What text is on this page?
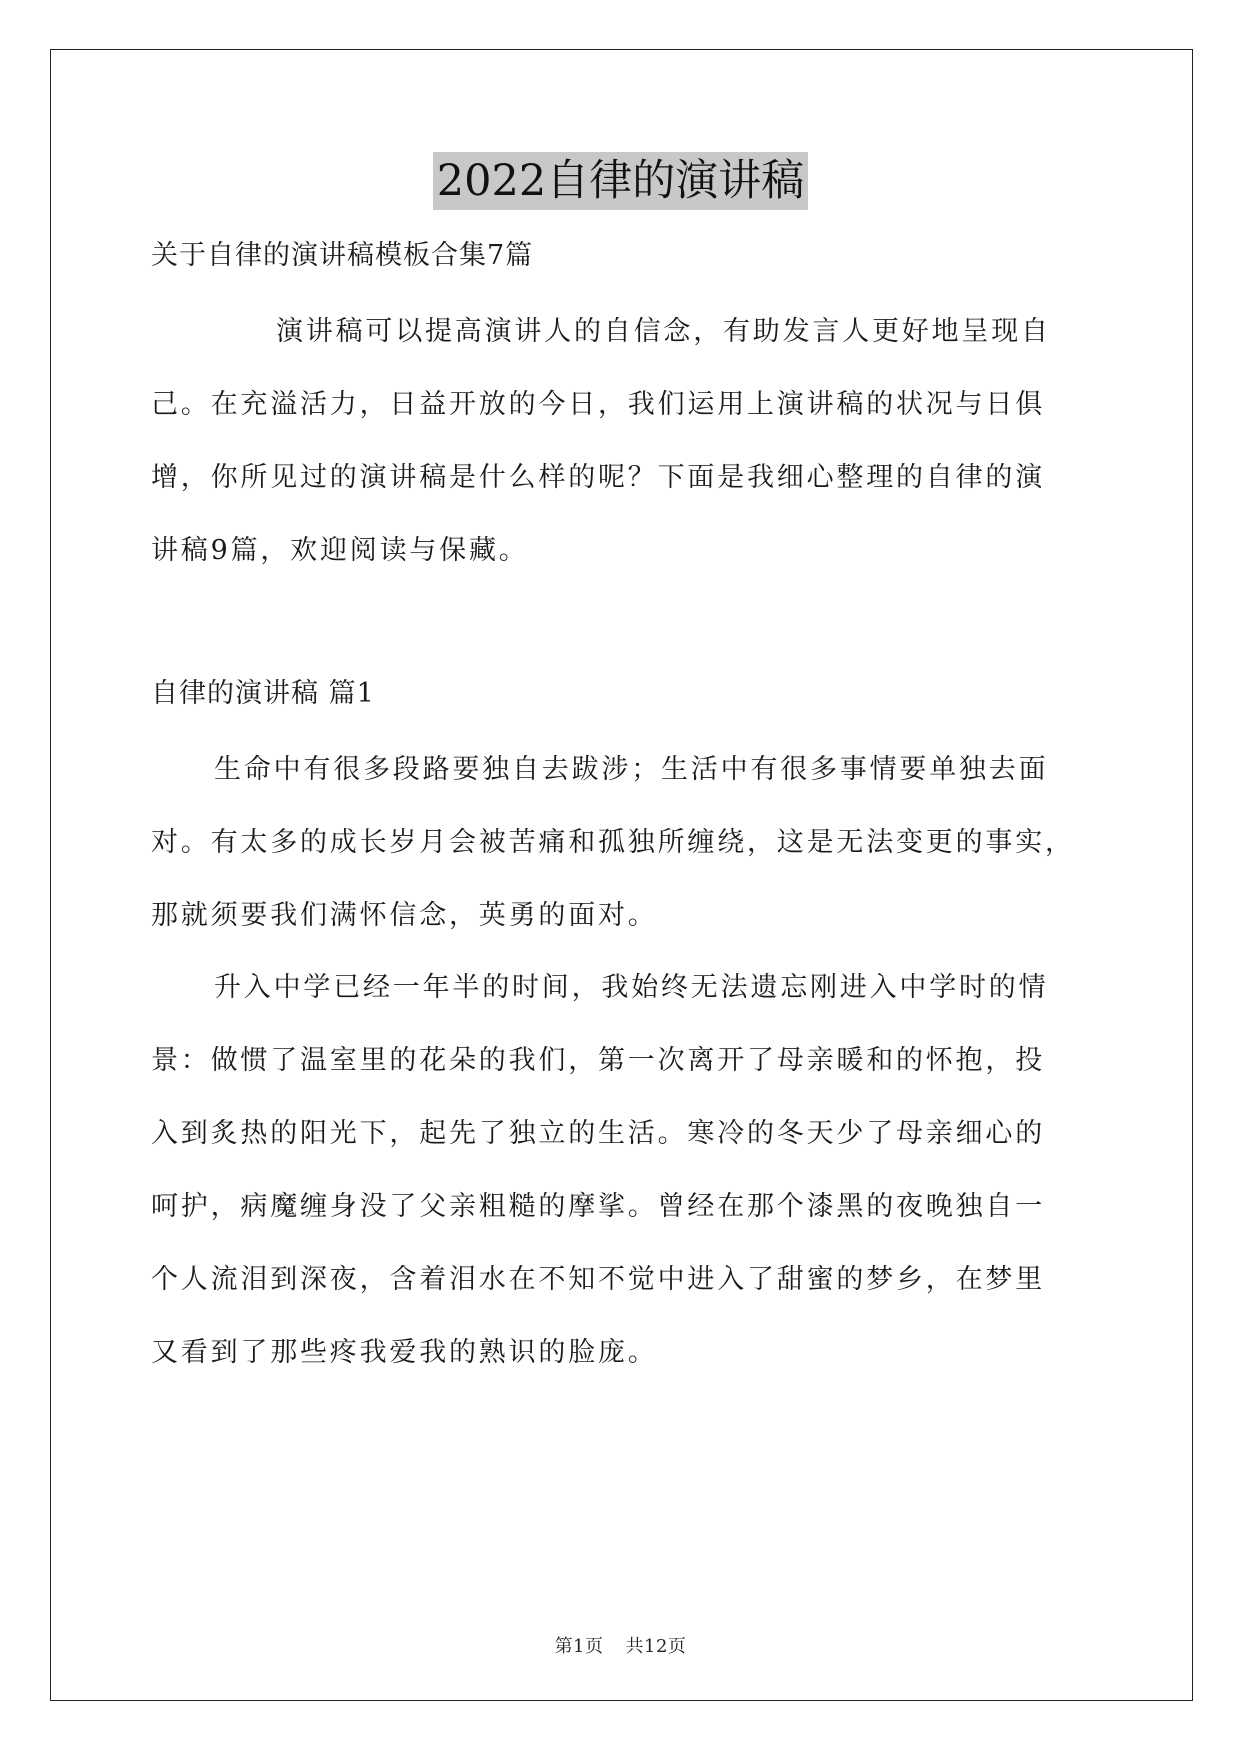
2022自律的演讲稿
关于自律的演讲稿模板合集7篇
演讲稿可以提高演讲人的自信念，有助发言人更好地呈现自
己。在充溢活力，日益开放的今日，我们运用上演讲稿的状况与日俱
增，你所见过的演讲稿是什么样的呢？下面是我细心整理的自律的演
讲稿9篇，欢迎阅读与保藏。
自律的演讲稿 篇1
生命中有很多段路要独自去跋涉；生活中有很多事情要单独去面
对。有太多的成长岁月会被苦痛和孤独所缠绕，这是无法变更的事实，
那就须要我们满怀信念，英勇的面对。
升入中学已经一年半的时间，我始终无法遗忘刚进入中学时的情
景：做惯了温室里的花朵的我们，第一次离开了母亲暖和的怀抱，投
入到炙热的阳光下，起先了独立的生活。寒冷的冬天少了母亲细心的
呵护，病魔缠身没了父亲粗糙的摩挲。曾经在那个漆黑的夜晚独自一
个人流泪到深夜，含着泪水在不知不觉中进入了甜蜜的梦乡，在梦里
又看到了那些疼我爱我的熟识的脸庞。
第1页 共12页
